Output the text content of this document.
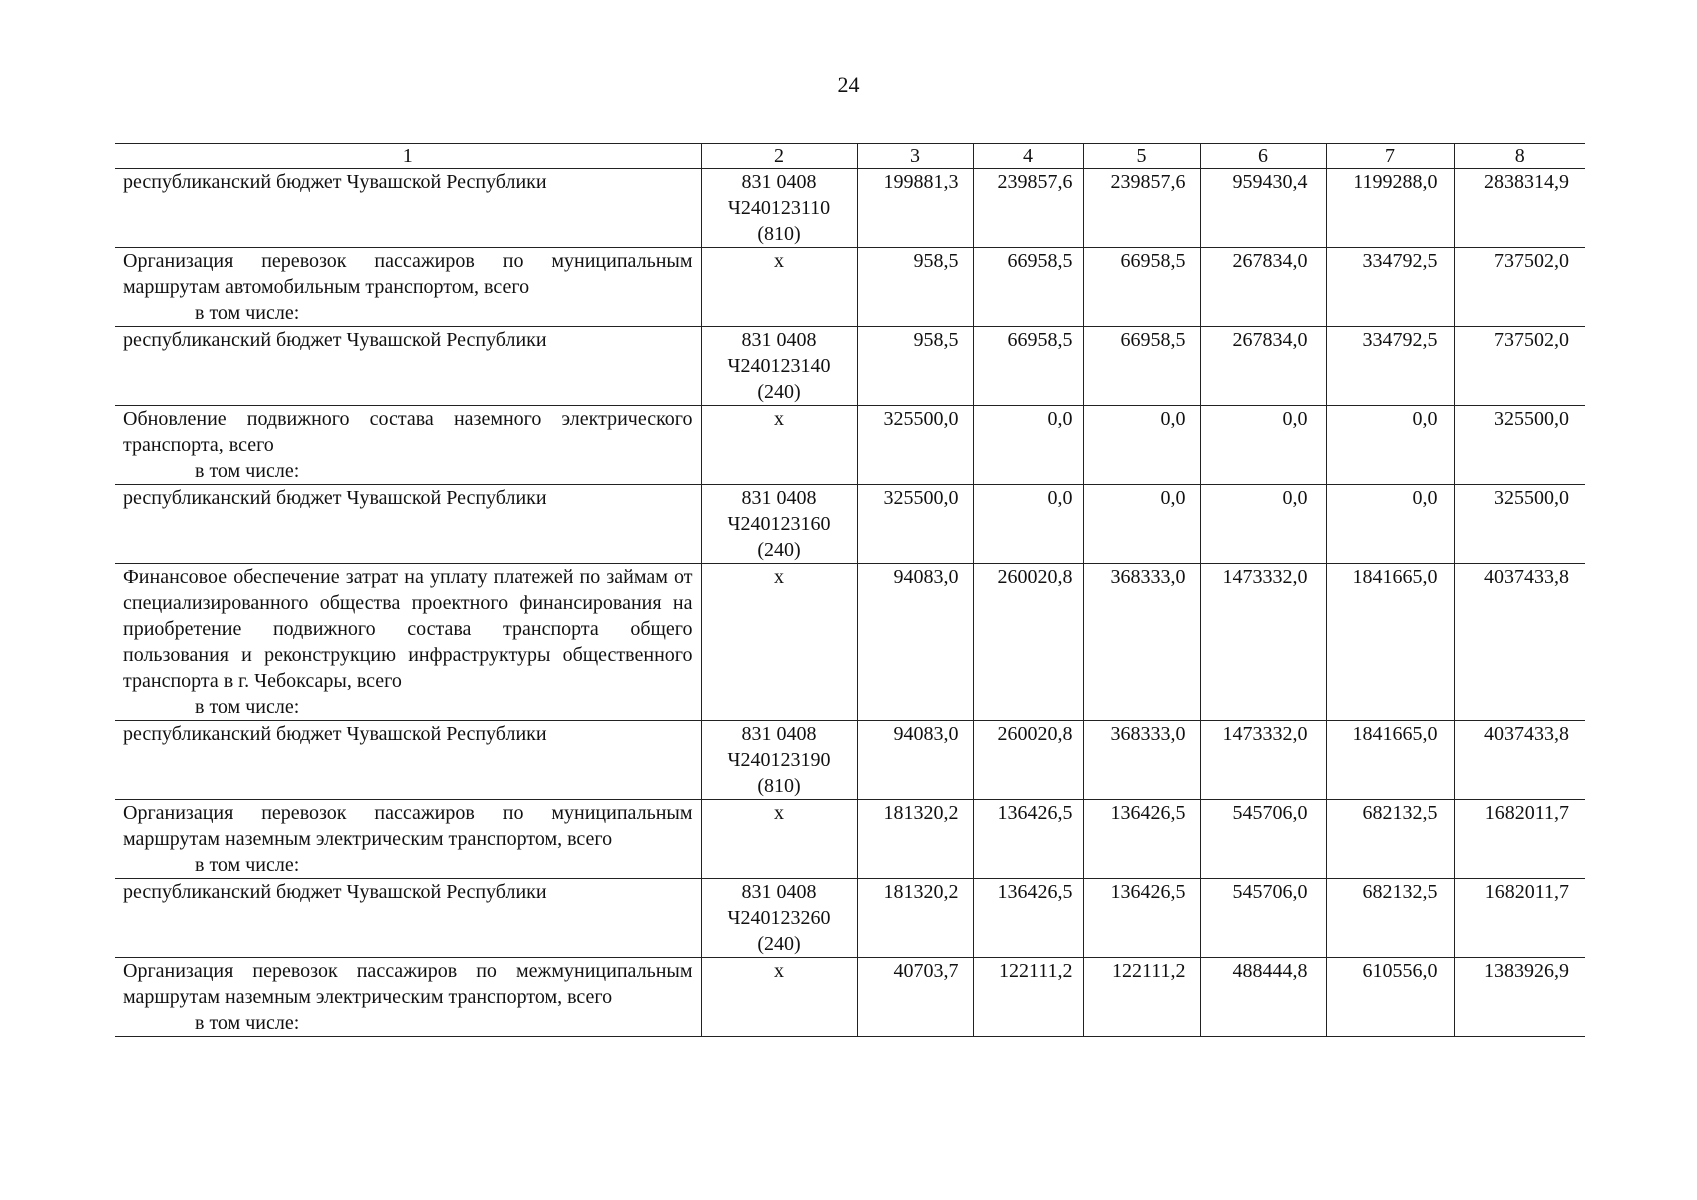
24
1	2	3	4	5	6	7	8

республиканский бюджет Чувашской Республики	831 0408
Ч240123110
(810)	199881,3	239857,6	239857,6	959430,4	1199288,0	2838314,9

Организация перевозок пассажиров по муниципальным маршрутам автомобильным транспортом, всего
в том числе:	х	958,5	66958,5	66958,5	267834,0	334792,5	737502,0

республиканский бюджет Чувашской Республики	831 0408
Ч240123140
(240)	958,5	66958,5	66958,5	267834,0	334792,5	737502,0

Обновление подвижного состава наземного электрического транспорта, всего
в том числе:	х	325500,0	0,0	0,0	0,0	0,0	325500,0

республиканский бюджет Чувашской Республики	831 0408
Ч240123160
(240)	325500,0	0,0	0,0	0,0	0,0	325500,0

Финансовое обеспечение затрат на уплату платежей по займам от специализированного общества проектного финансирования на приобретение подвижного состава транспорта общего пользования и реконструкцию инфраструктуры общественного транспорта в г. Чебоксары, всего
в том числе:	х	94083,0	260020,8	368333,0	1473332,0	1841665,0	4037433,8

республиканский бюджет Чувашской Республики	831 0408
Ч240123190
(810)	94083,0	260020,8	368333,0	1473332,0	1841665,0	4037433,8

Организация перевозок пассажиров по муниципальным маршрутам наземным электрическим транспортом, всего
в том числе:	х	181320,2	136426,5	136426,5	545706,0	682132,5	1682011,7

республиканский бюджет Чувашской Республики	831 0408
Ч240123260
(240)	181320,2	136426,5	136426,5	545706,0	682132,5	1682011,7

Организация перевозок пассажиров по межмуниципальным маршрутам наземным электрическим транспортом, всего
в том числе:	х	40703,7	122111,2	122111,2	488444,8	610556,0	1383926,9
